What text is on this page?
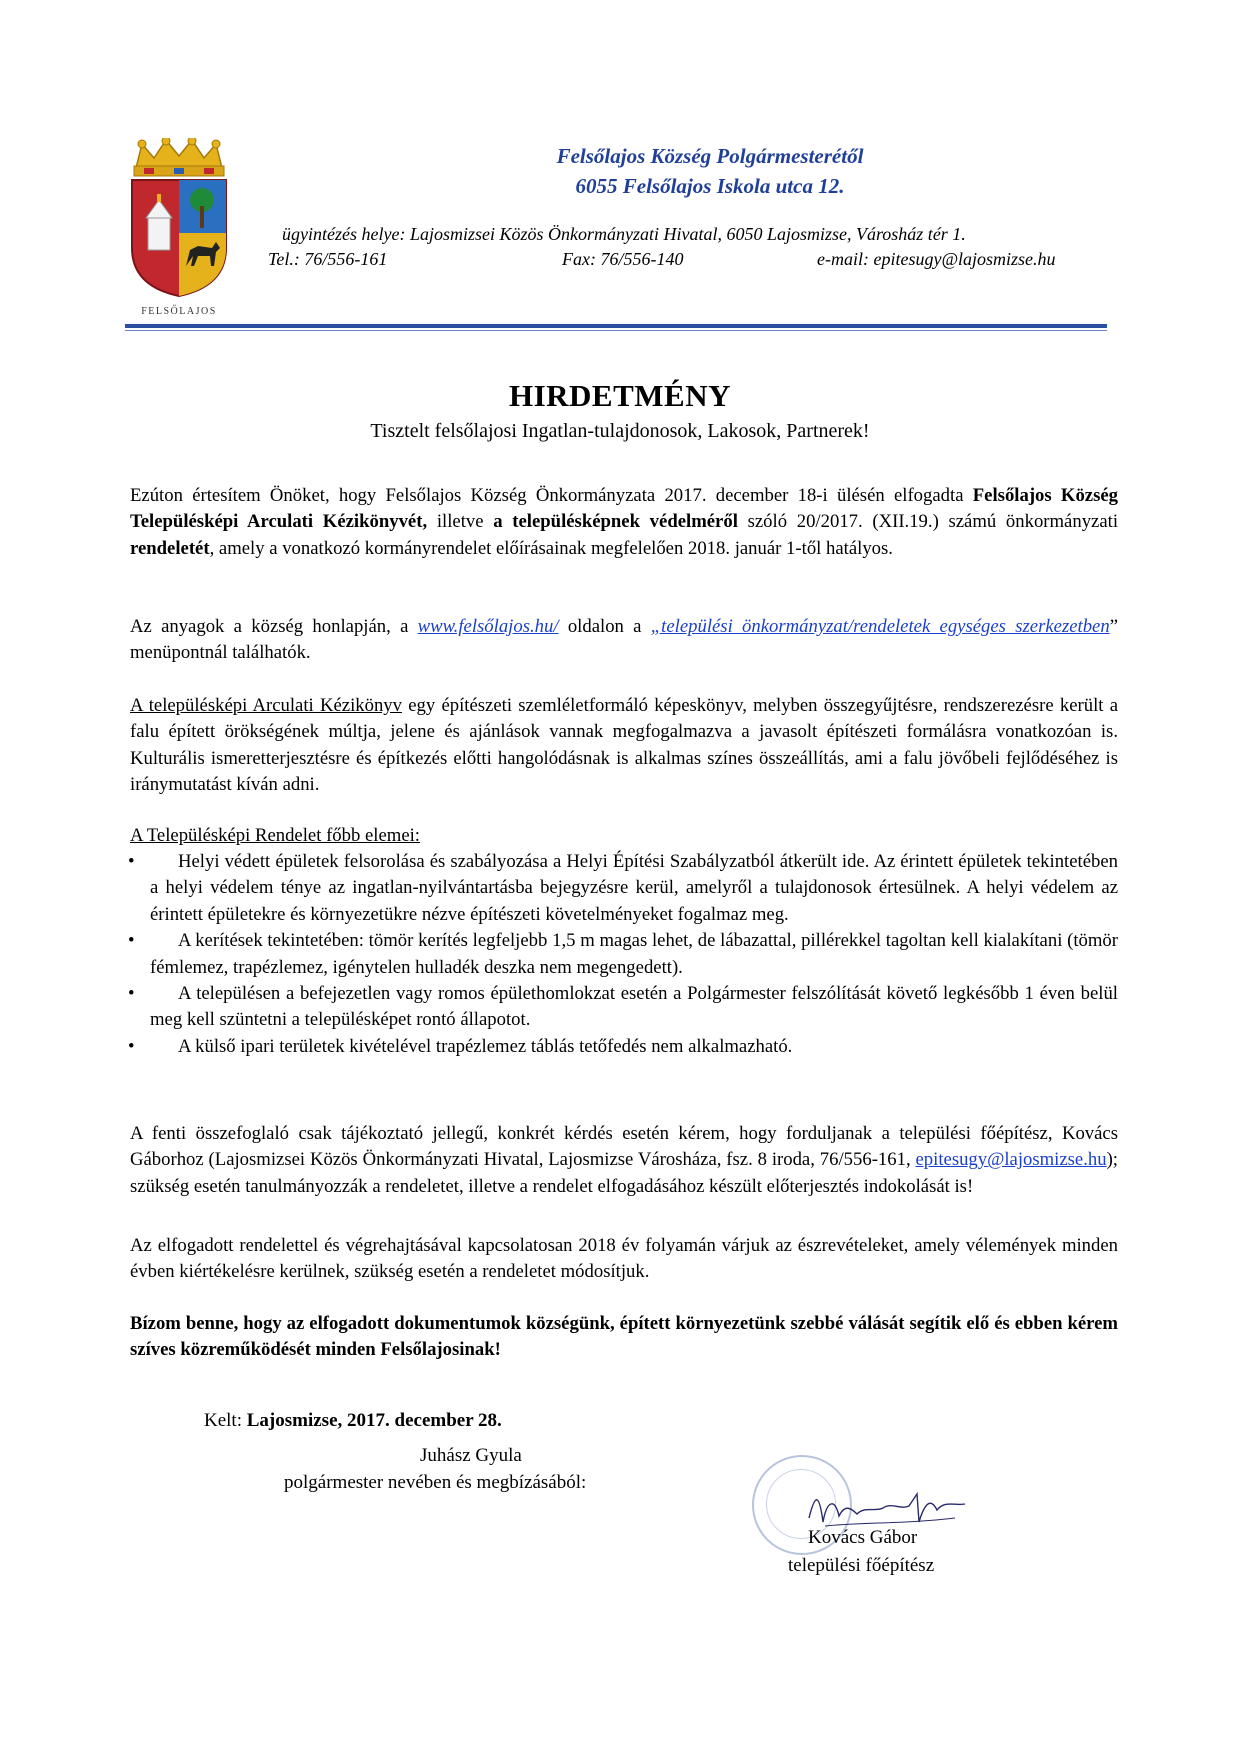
FELSŐLAJOS
Felsőlajos Község Polgármesterétől
6055 Felsőlajos Iskola utca 12.
ügyintézés helye: Lajosmizsei Közös Önkormányzati Hivatal, 6050 Lajosmizse, Városház tér 1.
Tel.: 76/556-161	Fax: 76/556-140	e-mail: epitesugy@lajosmizse.hu
HIRDETMÉNY
Tisztelt felsőlajosi Ingatlan-tulajdonosok, Lakosok, Partnerek!

Ezúton értesítem Önöket, hogy Felsőlajos Község Önkormányzata 2017. december 18-i ülésén elfogadta Felsőlajos Község Településképi Arculati Kézikönyvét, illetve a településképnek védelméről szóló 20/2017. (XII.19.) számú önkormányzati rendeletét, amely a vonatkozó kormányrendelet előírásainak megfelelően 2018. január 1-től hatályos.

Az anyagok a község honlapján, a www.felsőlajos.hu/ oldalon a „települési önkormányzat/rendeletek egységes szerkezetben” menüpontnál találhatók.

A településképi Arculati Kézikönyv egy építészeti szemléletformáló képeskönyv, melyben összegyűjtésre, rendszerezésre került a falu épített örökségének múltja, jelene és ajánlások vannak megfogalmazva a javasolt építészeti formálásra vonatkozóan is. Kulturális ismeretterjesztésre és építkezés előtti hangolódásnak is alkalmas színes összeállítás, ami a falu jövőbeli fejlődéséhez is iránymutatást kíván adni.

A Településképi Rendelet főbb elemei:

•	Helyi védett épületek felsorolása és szabályozása a Helyi Építési Szabályzatból átkerült ide. Az érintett épületek tekintetében a helyi védelem ténye az ingatlan-nyilvántartásba bejegyzésre kerül, amelyről a tulajdonosok értesülnek. A helyi védelem az érintett épületekre és környezetükre nézve építészeti követelményeket fogalmaz meg.
•	A kerítések tekintetében: tömör kerítés legfeljebb 1,5 m magas lehet, de lábazattal, pillérekkel tagoltan kell kialakítani (tömör fémlemez, trapézlemez, igénytelen hulladék deszka nem megengedett).
•	A településen a befejezetlen vagy romos épülethomlokzat esetén a Polgármester felszólítását követő legkésőbb 1 éven belül meg kell szüntetni a településképet rontó állapotot.
•	A külső ipari területek kivételével trapézlemez táblás tetőfedés nem alkalmazható.

A fenti összefoglaló csak tájékoztató jellegű, konkrét kérdés esetén kérem, hogy forduljanak a települési főépítész, Kovács Gáborhoz (Lajosmizsei Közös Önkormányzati Hivatal, Lajosmizse Városháza, fsz. 8 iroda, 76/556-161, epitesugy@lajosmizse.hu); szükség esetén tanulmányozzák a rendeletet, illetve a rendelet elfogadásához készült előterjesztés indokolását is!

Az elfogadott rendelettel és végrehajtásával kapcsolatosan 2018 év folyamán várjuk az észrevételeket, amely vélemények minden évben kiértékelésre kerülnek, szükség esetén a rendeletet módosítjuk.

Bízom benne, hogy az elfogadott dokumentumok községünk, épített környezetünk szebbé válását segítik elő és ebben kérem szíves közreműködését minden Felsőlajosinak!

Kelt: Lajosmizse, 2017. december 28.
Juhász Gyula
polgármester nevében és megbízásából:
Kovács Gábor
települési főépítész
